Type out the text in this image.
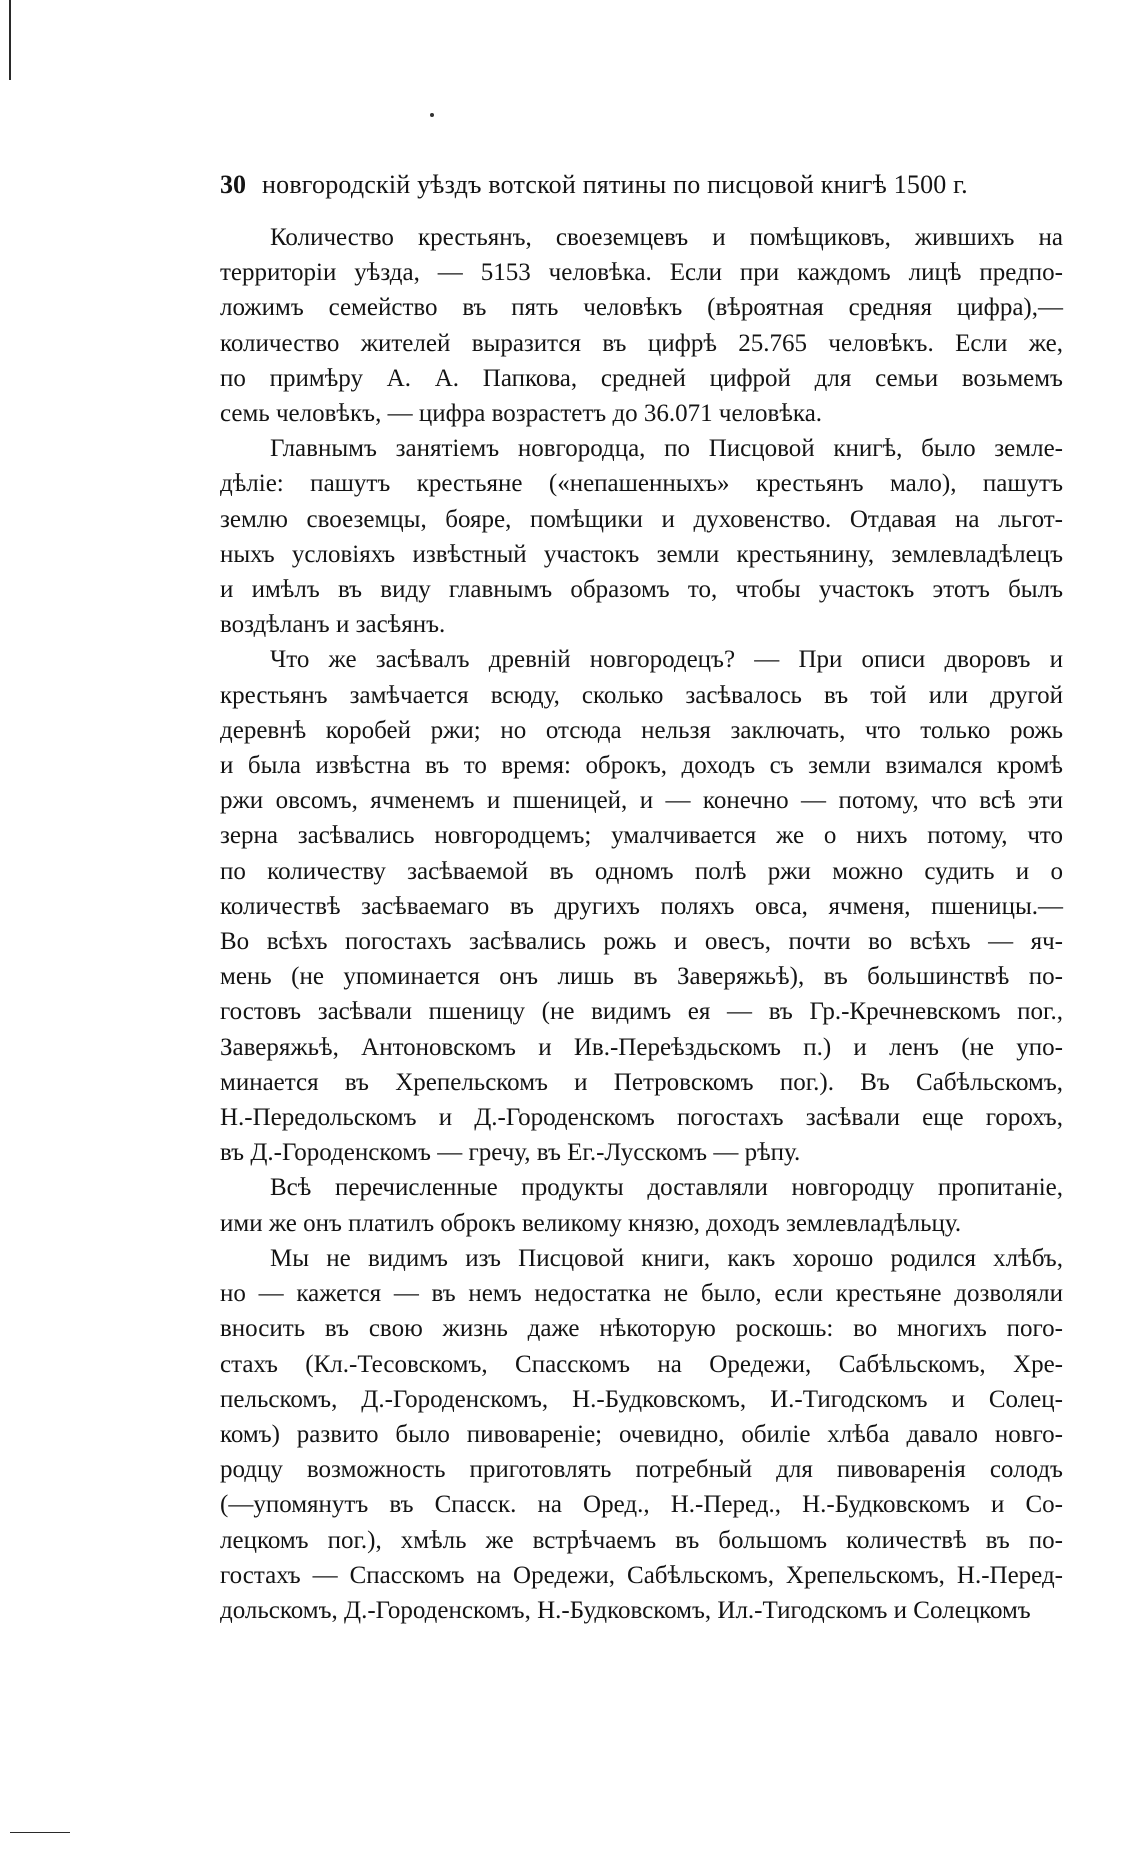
30 новгородскій уѣздъ вотской пятины по писцовой книгѣ 1500 г.
Количество крестьянъ, своеземцевъ и помѣщиковъ, жившихъ на
территоріи уѣзда, — 5153 человѣка. Если при каждомъ лицѣ предпо-
ложимъ семейство въ пять человѣкъ (вѣроятная средняя цифра),—
количество жителей выразится въ цифрѣ 25.765 человѣкъ. Если же,
по примѣру А. А. Папкова, средней цифрой для семьи возьмемъ
семь человѣкъ, — цифра возрастетъ до 36.071 человѣка.
Главнымъ занятіемъ новгородца, по Писцовой книгѣ, было земле-
дѣліе: пашутъ крестьяне («непашенныхъ» крестьянъ мало), пашутъ
землю своеземцы, бояре, помѣщики и духовенство. Отдавая на льгот-
ныхъ условіяхъ извѣстный участокъ земли крестьянину, землевладѣлецъ
и имѣлъ въ виду главнымъ образомъ то, чтобы участокъ этотъ былъ
воздѣланъ и засѣянъ.
Что же засѣвалъ древній новгородецъ? — При описи дворовъ и
крестьянъ замѣчается всюду, сколько засѣвалось въ той или другой
деревнѣ коробей ржи; но отсюда нельзя заключать, что только рожь
и была извѣстна въ то время: оброкъ, доходъ съ земли взимался кромѣ
ржи овсомъ, ячменемъ и пшеницей, и — конечно — потому, что всѣ эти
зерна засѣвались новгородцемъ; умалчивается же о нихъ потому, что
по количеству засѣваемой въ одномъ полѣ ржи можно судить и о
количествѣ засѣваемаго въ другихъ поляхъ овса, ячменя, пшеницы.—
Во всѣхъ погостахъ засѣвались рожь и овесъ, почти во всѣхъ — яч-
мень (не упоминается онъ лишь въ Заверяжьѣ), въ большинствѣ по-
гостовъ засѣвали пшеницу (не видимъ ея — въ Гр.-Кречневскомъ пог.,
Заверяжьѣ, Антоновскомъ и Ив.-Переѣздьскомъ п.) и ленъ (не упо-
минается въ Хрепельскомъ и Петровскомъ пог.). Въ Сабѣльскомъ,
Н.-Передольскомъ и Д.-Городенскомъ погостахъ засѣвали еще горохъ,
въ Д.-Городенскомъ — гречу, въ Ег.-Лусскомъ — рѣпу.
Всѣ перечисленные продукты доставляли новгородцу пропитаніе,
ими же онъ платилъ оброкъ великому князю, доходъ землевладѣльцу.
Мы не видимъ изъ Писцовой книги, какъ хорошо родился хлѣбъ,
но — кажется — въ немъ недостатка не было, если крестьяне дозволяли
вносить въ свою жизнь даже нѣкоторую роскошь: во многихъ пого-
стахъ (Кл.-Тесовскомъ, Спасскомъ на Оредежи, Сабѣльскомъ, Хре-
пельскомъ, Д.-Городенскомъ, Н.-Будковскомъ, И.-Тигодскомъ и Солец-
комъ) развито было пивовареніе; очевидно, обиліе хлѣба давало новго-
родцу возможность приготовлять потребный для пивоваренія солодъ
(—упомянутъ въ Спасск. на Оред., Н.-Перед., Н.-Будковскомъ и Со-
лецкомъ пог.), хмѣль же встрѣчаемъ въ большомъ количествѣ въ по-
гостахъ — Спасскомъ на Оредежи, Сабѣльскомъ, Хрепельскомъ, Н.-Перед-
дольскомъ, Д.-Городенскомъ, Н.-Будковскомъ, Ил.-Тигодскомъ и Солецкомъ
